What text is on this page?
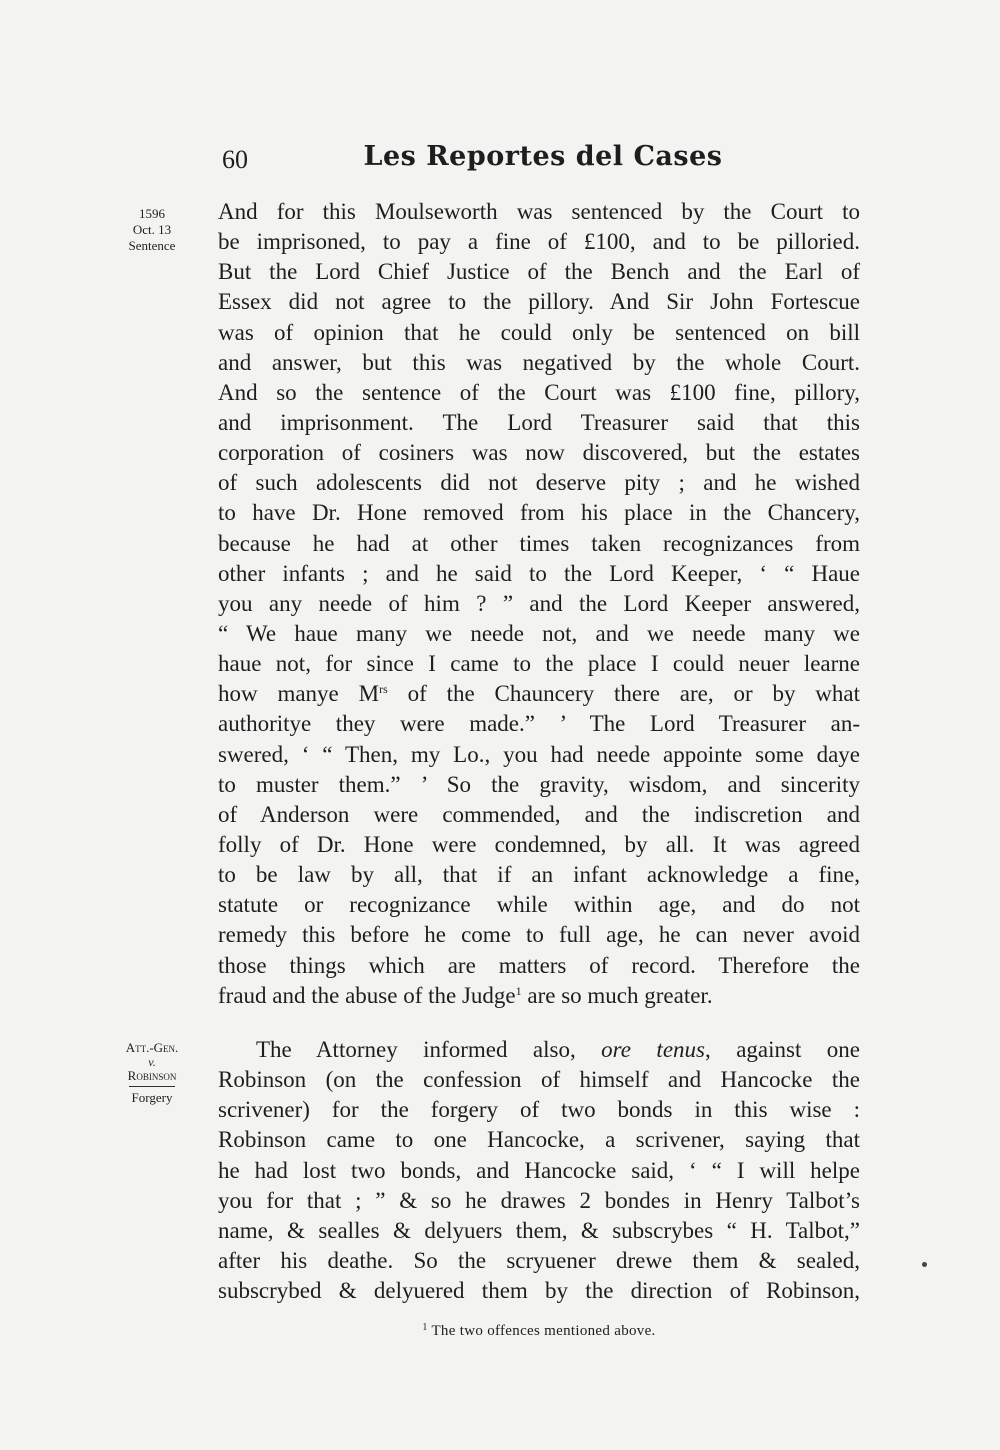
60	Les Reportes del Cases
1596
Oct. 13
Sentence
Att.-Gen.
v.
Robinson
Forgery
And for this Moulseworth was sentenced by the Court to
be imprisoned, to pay a fine of £100, and to be pilloried.
But the Lord Chief Justice of the Bench and the Earl of
Essex did not agree to the pillory. And Sir John Fortescue
was of opinion that he could only be sentenced on bill
and answer, but this was negatived by the whole Court.
And so the sentence of the Court was £100 fine, pillory,
and imprisonment. The Lord Treasurer said that this
corporation of cosiners was now discovered, but the estates
of such adolescents did not deserve pity ; and he wished
to have Dr. Hone removed from his place in the Chancery,
because he had at other times taken recognizances from
other infants ; and he said to the Lord Keeper, ‘ “ Haue
you any neede of him ? ” and the Lord Keeper answered,
“ We haue many we neede not, and we neede many we
haue not, for since I came to the place I could neuer learne
how manye $M^{rs}$ of the Chauncery there are, or by what
authoritye they were made.” ’ The Lord Treasurer an-
swered, ‘ “ Then, my Lo., you had neede appointe some daye
to muster them.” ’ So the gravity, wisdom, and sincerity
of Anderson were commended, and the indiscretion and
folly of Dr. Hone were condemned, by all. It was agreed
to be law by all, that if an infant acknowledge a fine,
statute or recognizance while within age, and do not
remedy this before he come to full age, he can never avoid
those things which are matters of record. Therefore the
fraud and the abuse of the Judge$^1$ are so much greater.
The Attorney informed also, ore tenus, against one
Robinson (on the confession of himself and Hancocke the
scrivener) for the forgery of two bonds in this wise :
Robinson came to one Hancocke, a scrivener, saying that
he had lost two bonds, and Hancocke said, ‘ “ I will helpe
you for that ; ” & so he drawes 2 bondes in Henry Talbot’s
name, & sealles & delyuers them, & subscrybes “ H. Talbot,”
after his deathe. So the scryuener drewe them & sealed,
subscrybed & delyuered them by the direction of Robinson,
$^1$ The two offences mentioned above.
